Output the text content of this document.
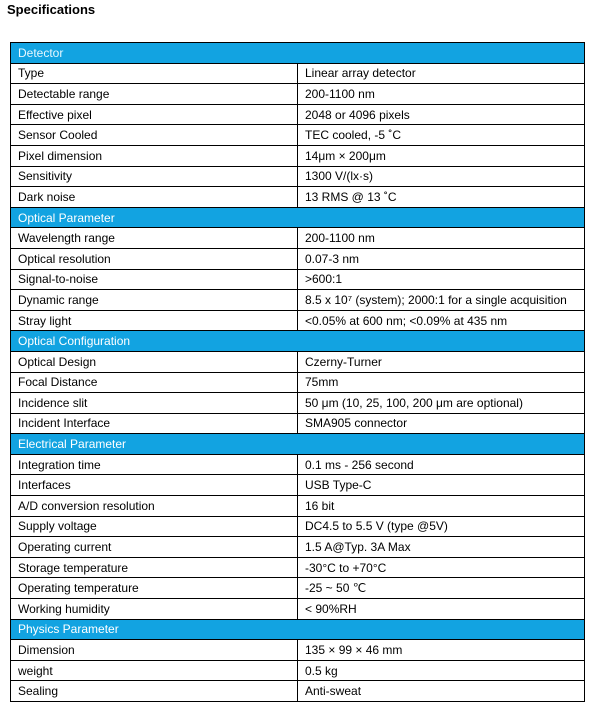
Specifications
Detector	
Type	Linear array detector
Detectable range	200-1100 nm
Effective pixel	2048 or 4096 pixels
Sensor Cooled	TEC cooled, -5 ˚C
Pixel dimension	14μm × 200μm
Sensitivity	1300 V/(lx·s)
Dark noise	13 RMS @ 13 ˚C
Optical Parameter	
Wavelength range	200-1100 nm
Optical resolution	0.07-3 nm
Signal-to-noise	>600:1
Dynamic range	8.5 x 10⁷ (system); 2000:1 for a single acquisition
Stray light	<0.05% at 600 nm; <0.09% at 435 nm
Optical Configuration	
Optical Design	Czerny-Turner
Focal Distance	75mm
Incidence slit	50 μm (10, 25, 100, 200 μm are optional)
Incident Interface	SMA905 connector
Electrical Parameter	
Integration time	0.1 ms - 256 second
Interfaces	USB Type-C
A/D conversion resolution	16 bit
Supply voltage	DC4.5 to 5.5 V (type @5V)
Operating current	1.5 A@Typ. 3A Max
Storage temperature	-30°C to +70°C
Operating temperature	-25 ~ 50 ℃
Working humidity	< 90%RH
Physics Parameter	
Dimension	135 × 99 × 46 mm
weight	0.5 kg
Sealing	Anti-sweat
